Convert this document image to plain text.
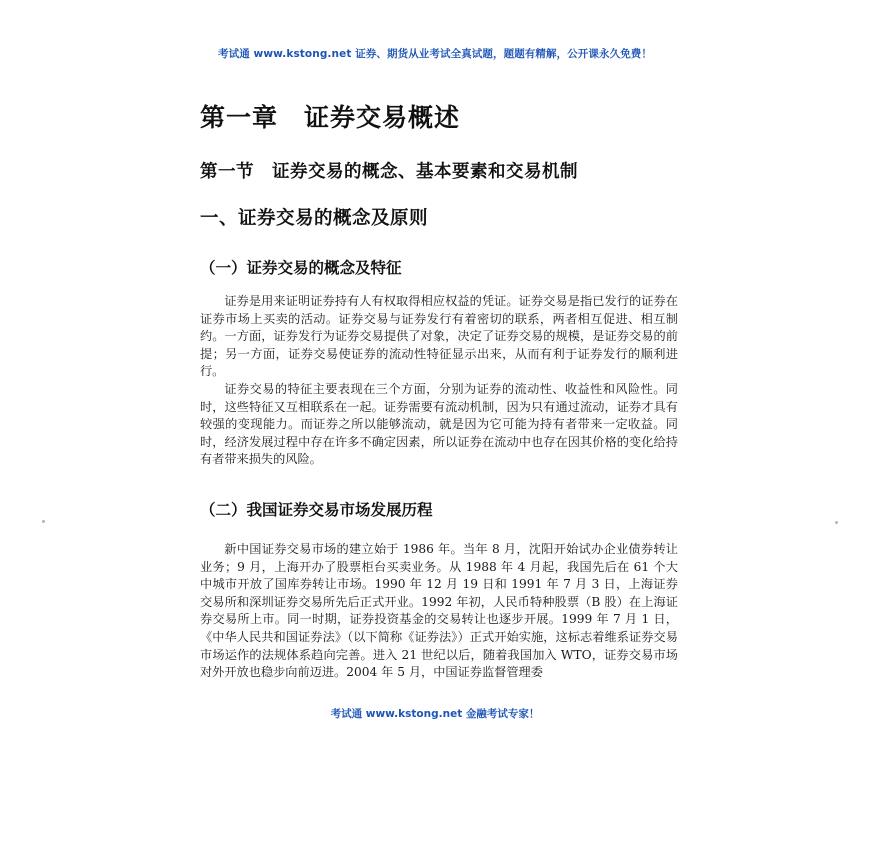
考试通 www.kstong.net 证券、期货从业考试全真试题，题题有精解，公开课永久免费！
第一章　证券交易概述
第一节　证券交易的概念、基本要素和交易机制
一、证券交易的概念及原则
（一）证券交易的概念及特征

证券是用来证明证券持有人有权取得相应权益的凭证。证券交易是指已发行的证券在证券市场上买卖的活动。证券交易与证券发行有着密切的联系，两者相互促进、相互制约。一方面，证券发行为证券交易提供了对象，决定了证券交易的规模，是证券交易的前提；另一方面，证券交易使证券的流动性特征显示出来，从而有利于证券发行的顺利进行。

证券交易的特征主要表现在三个方面，分别为证券的流动性、收益性和风险性。同时，这些特征又互相联系在一起。证券需要有流动机制，因为只有通过流动，证券才具有较强的变现能力。而证券之所以能够流动，就是因为它可能为持有者带来一定收益。同时，经济发展过程中存在许多不确定因素，所以证券在流动中也存在因其价格的变化给持有者带来损失的风险。

（二）我国证券交易市场发展历程

新中国证券交易市场的建立始于 1986 年。当年 8 月，沈阳开始试办企业债券转让业务；9 月，上海开办了股票柜台买卖业务。从 1988 年 4 月起，我国先后在 61 个大中城市开放了国库券转让市场。1990 年 12 月 19 日和 1991 年 7 月 3 日，上海证券交易所和深圳证券交易所先后正式开业。1992 年初，人民币特种股票（B 股）在上海证券交易所上市。同一时期，证券投资基金的交易转让也逐步开展。1999 年 7 月 1 日，《中华人民共和国证券法》（以下简称《证券法》）正式开始实施，这标志着维系证券交易市场运作的法规体系趋向完善。进入 21 世纪以后，随着我国加入 WTO，证券交易市场对外开放也稳步向前迈进。2004 年 5 月，中国证券监督管理委

考试通 www.kstong.net 金融考试专家！
